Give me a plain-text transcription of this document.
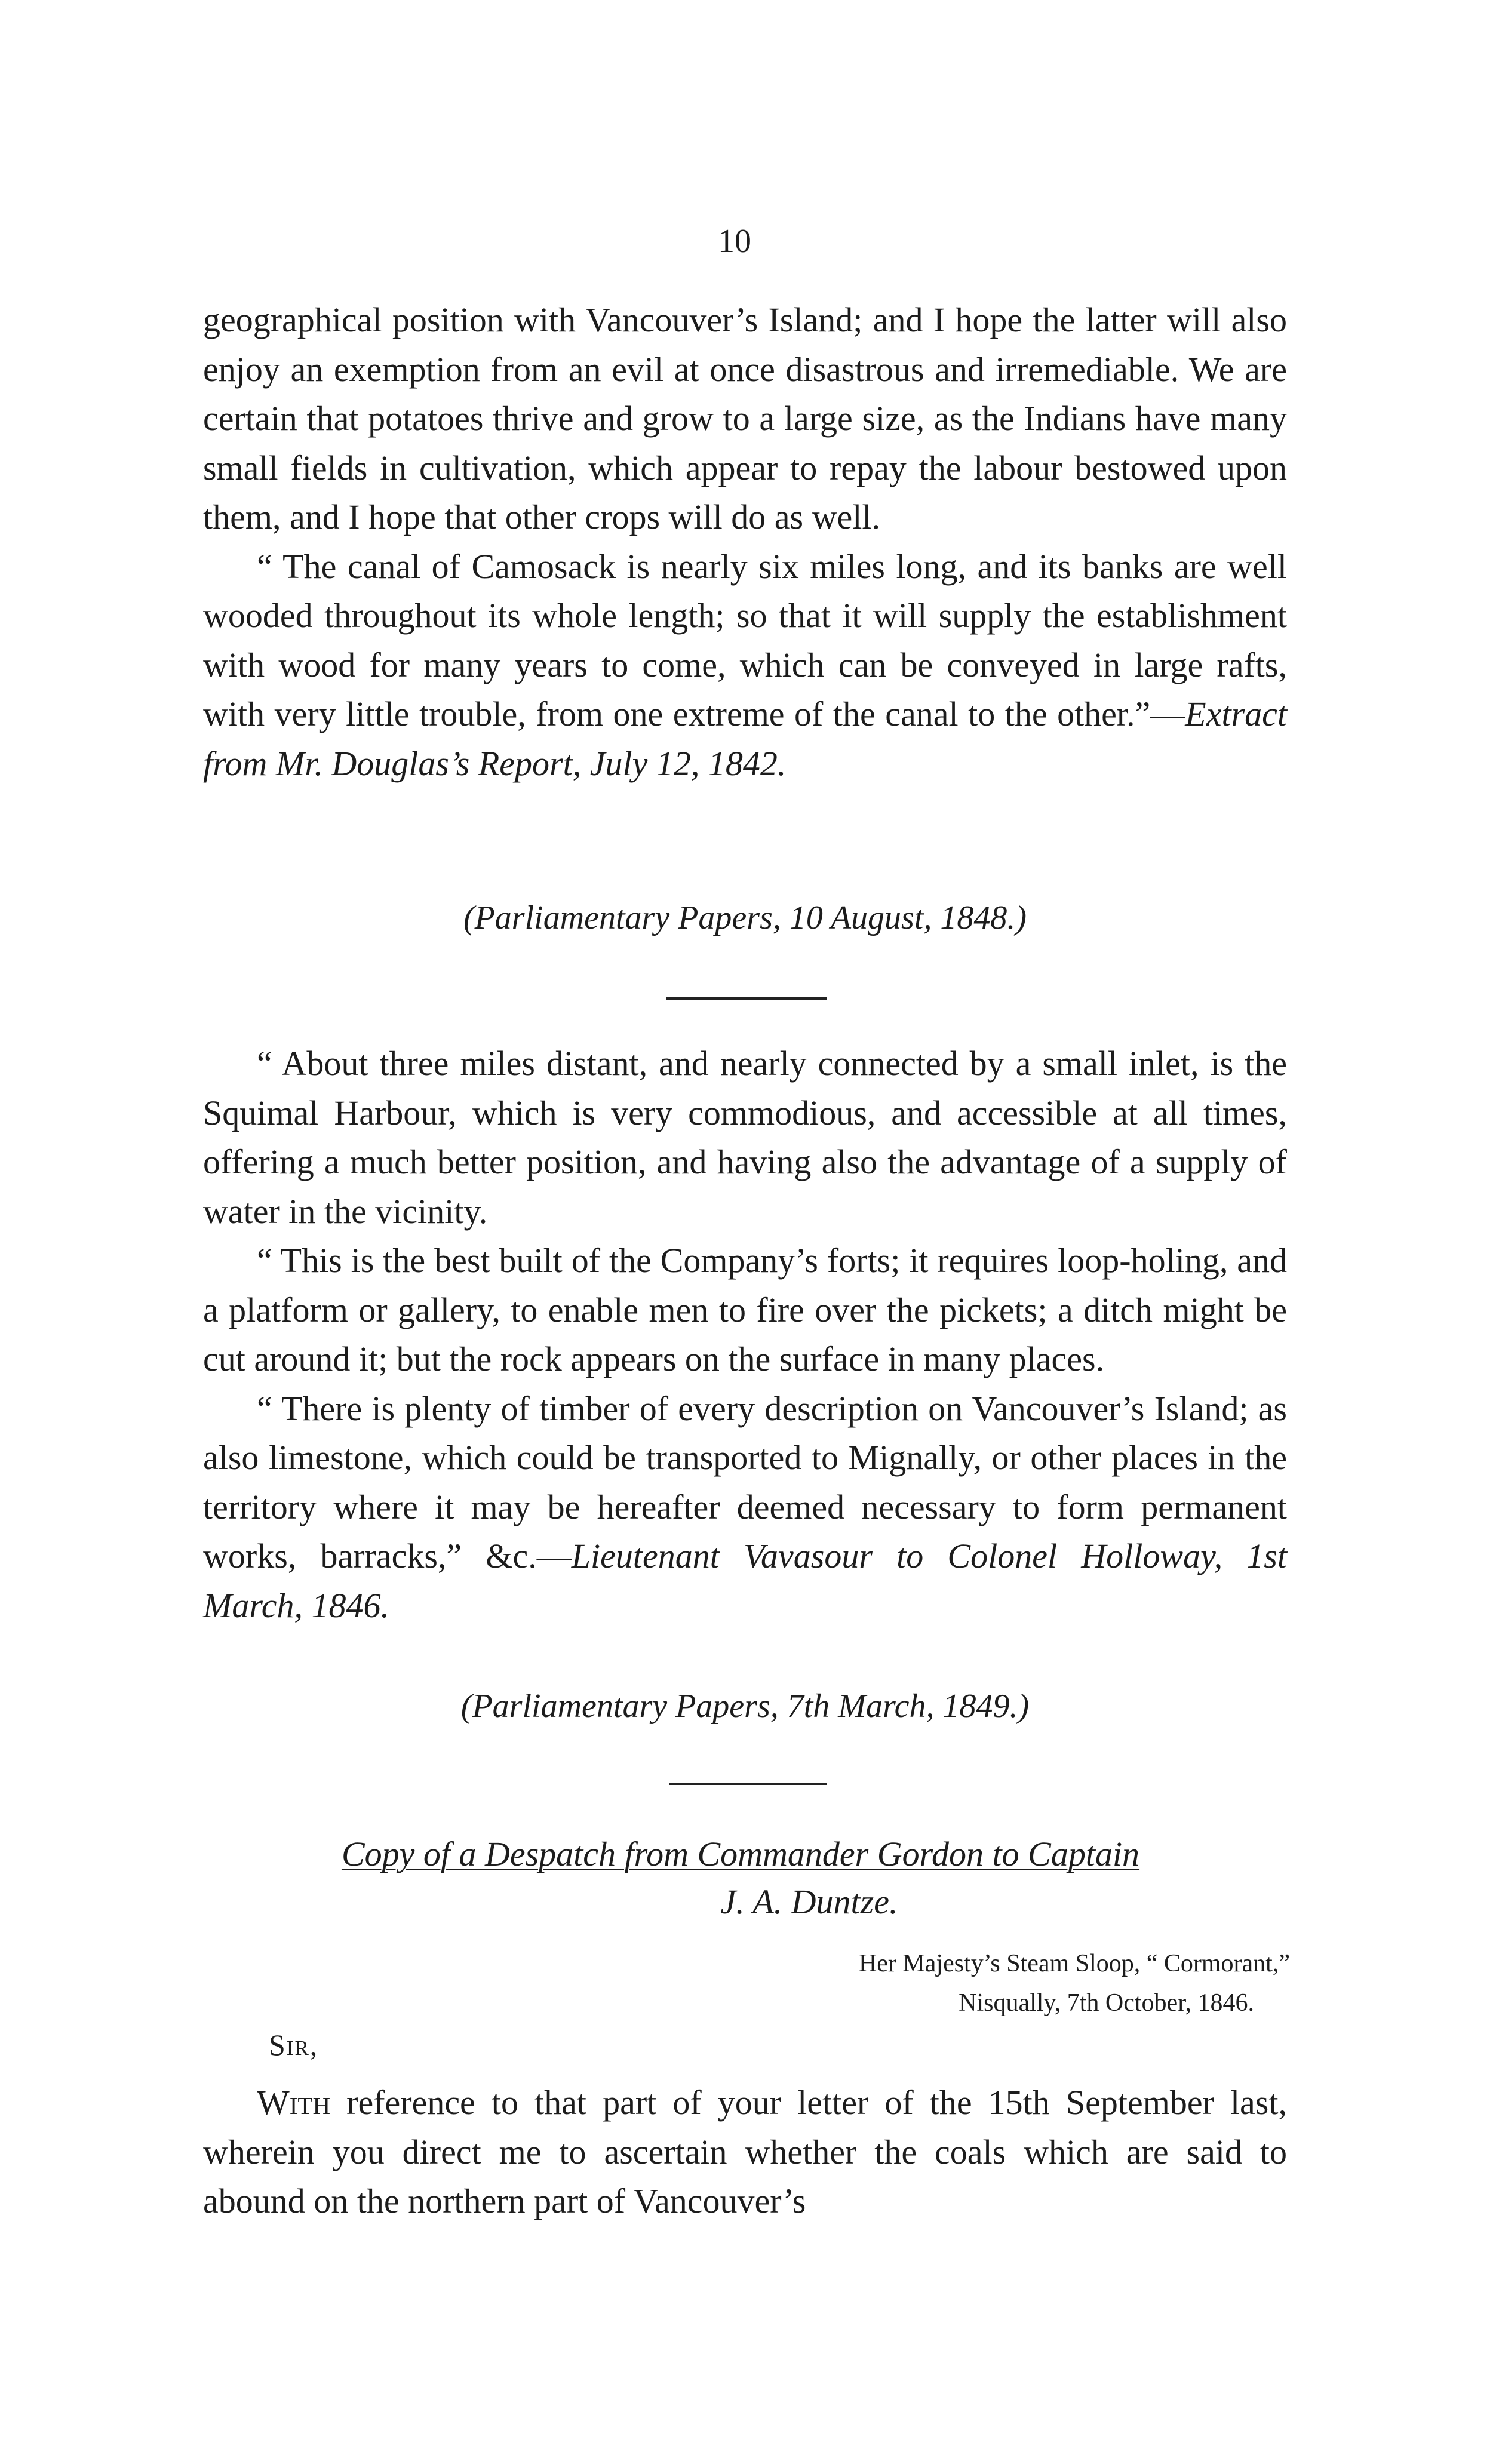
10

geographical position with Vancouver’s Island; and I hope the latter will also enjoy an exemption from an evil at once disastrous and irremediable. We are certain that potatoes thrive and grow to a large size, as the Indians have many small fields in cultivation, which appear to repay the labour bestowed upon them, and I hope that other crops will do as well.

“ The canal of Camosack is nearly six miles long, and its banks are well wooded throughout its whole length; so that it will supply the establishment with wood for many years to come, which can be conveyed in large rafts, with very little trouble, from one extreme of the canal to the other.”—Extract from Mr. Douglas’s Report, July 12, 1842.

(Parliamentary Papers, 10 August, 1848.)

“ About three miles distant, and nearly connected by a small inlet, is the Squimal Harbour, which is very commodious, and accessible at all times, offering a much better position, and having also the advantage of a supply of water in the vicinity.

“ This is the best built of the Company’s forts; it requires loop-holing, and a platform or gallery, to enable men to fire over the pickets; a ditch might be cut around it; but the rock appears on the surface in many places.

“ There is plenty of timber of every description on Vancouver’s Island; as also limestone, which could be transported to Mignally, or other places in the territory where it may be hereafter deemed necessary to form permanent works, barracks,” &c.—Lieutenant Vavasour to Colonel Holloway, 1st March, 1846.

(Parliamentary Papers, 7th March, 1849.)
Copy of a Despatch from Commander Gordon to Captain
J. A. Duntze.
Her Majesty’s Steam Sloop, “ Cormorant,”
Nisqually, 7th October, 1846.
Sir,

With reference to that part of your letter of the 15th September last, wherein you direct me to ascertain whether the coals which are said to abound on the northern part of Vancouver’s
